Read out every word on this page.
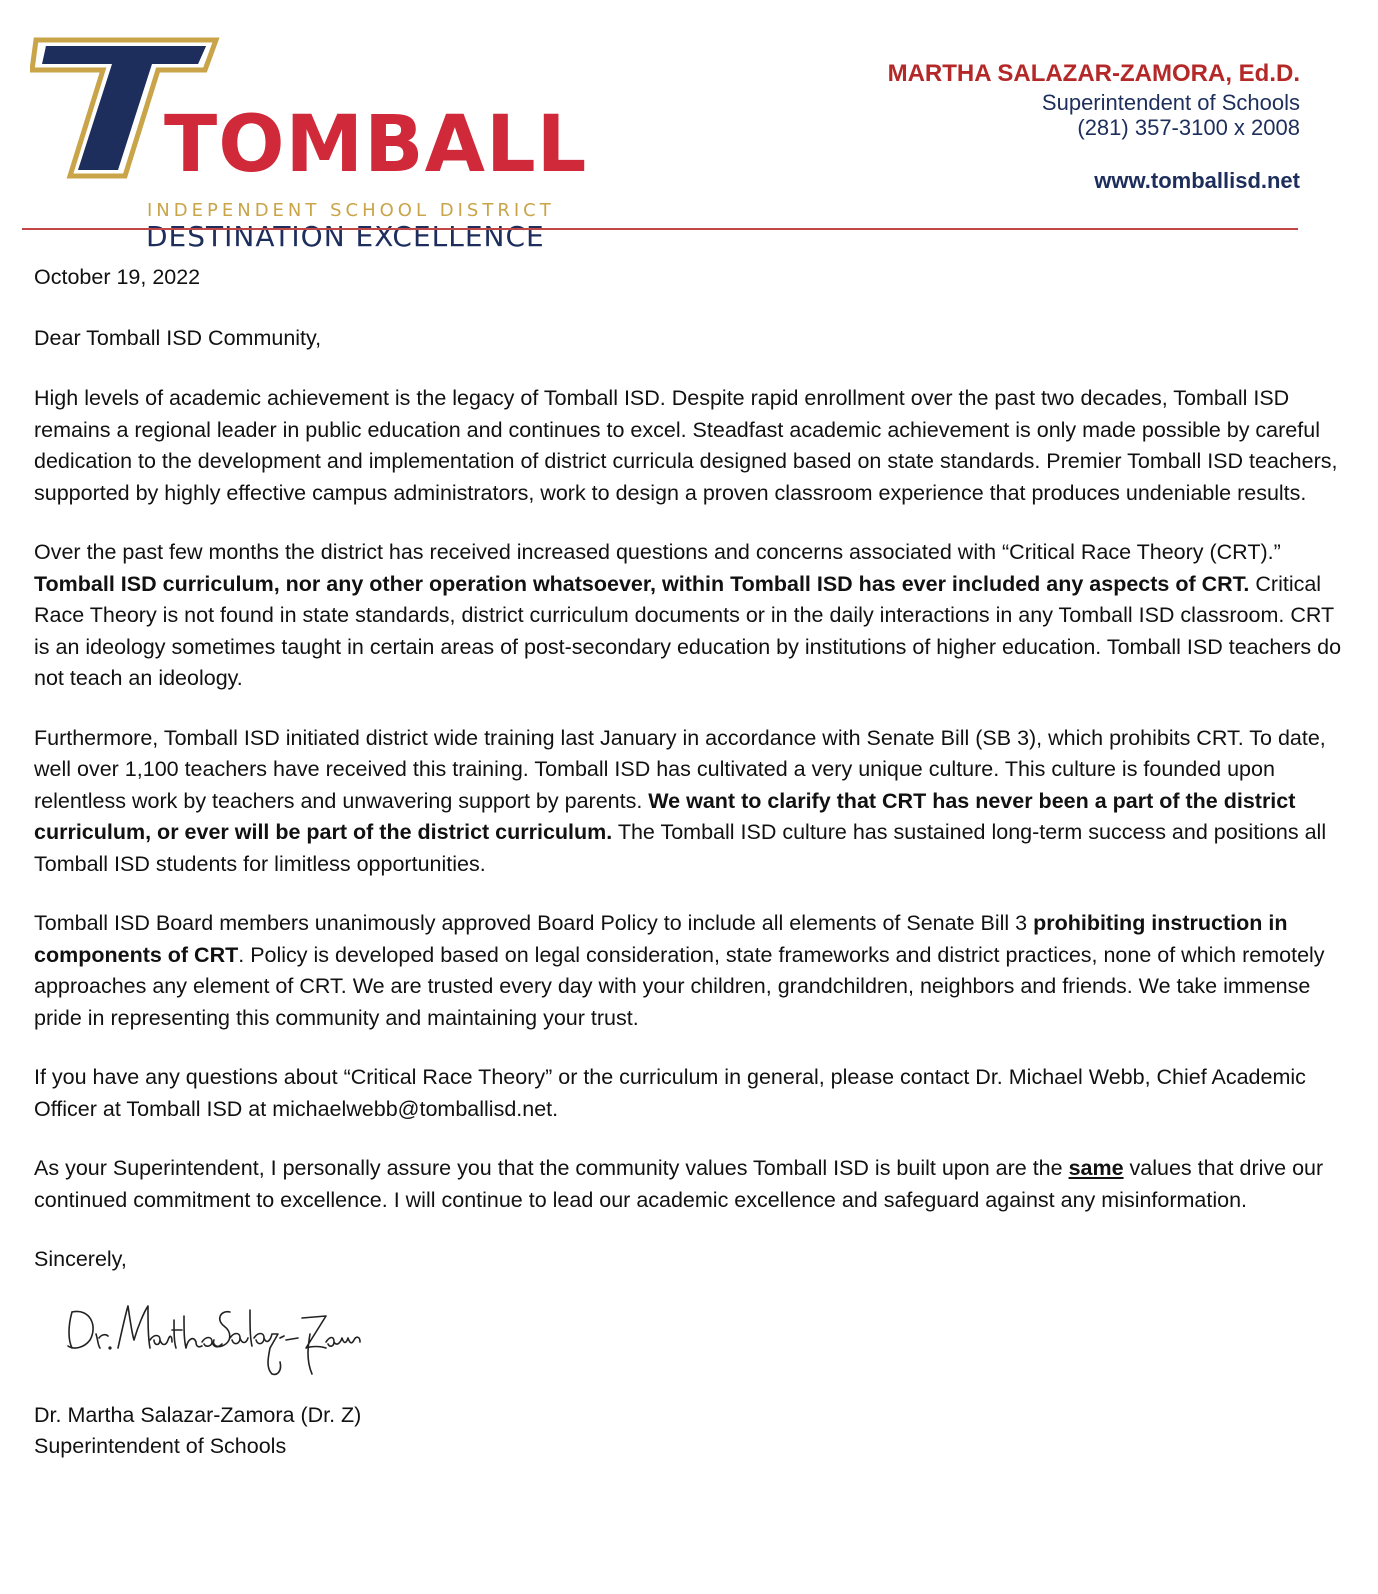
TOMBALL
INDEPENDENT SCHOOL DISTRICT
DESTINATION EXCELLENCE
MARTHA SALAZAR-ZAMORA, Ed.D.
Superintendent of Schools
(281) 357-3100 x 2008
www.tomballisd.net

October 19, 2022

Dear Tomball ISD Community,

High levels of academic achievement is the legacy of Tomball ISD. Despite rapid enrollment over the past two decades, Tomball ISD remains a regional leader in public education and continues to excel. Steadfast academic achievement is only made possible by careful dedication to the development and implementation of district curricula designed based on state standards. Premier Tomball ISD teachers, supported by highly effective campus administrators, work to design a proven classroom experience that produces undeniable results.

Over the past few months the district has received increased questions and concerns associated with “Critical Race Theory (CRT).” Tomball ISD curriculum, nor any other operation whatsoever, within Tomball ISD has ever included any aspects of CRT. Critical Race Theory is not found in state standards, district curriculum documents or in the daily interactions in any Tomball ISD classroom. CRT is an ideology sometimes taught in certain areas of post-secondary education by institutions of higher education. Tomball ISD teachers do not teach an ideology.

Furthermore, Tomball ISD initiated district wide training last January in accordance with Senate Bill (SB 3), which prohibits CRT. To date, well over 1,100 teachers have received this training. Tomball ISD has cultivated a very unique culture. This culture is founded upon relentless work by teachers and unwavering support by parents. We want to clarify that CRT has never been a part of the district curriculum, or ever will be part of the district curriculum. The Tomball ISD culture has sustained long-term success and positions all Tomball ISD students for limitless opportunities.

Tomball ISD Board members unanimously approved Board Policy to include all elements of Senate Bill 3 prohibiting instruction in components of CRT. Policy is developed based on legal consideration, state frameworks and district practices, none of which remotely approaches any element of CRT. We are trusted every day with your children, grandchildren, neighbors and friends. We take immense pride in representing this community and maintaining your trust.

If you have any questions about “Critical Race Theory” or the curriculum in general, please contact Dr. Michael Webb, Chief Academic Officer at Tomball ISD at michaelwebb@tomballisd.net.

As your Superintendent, I personally assure you that the community values Tomball ISD is built upon are the same values that drive our continued commitment to excellence. I will continue to lead our academic excellence and safeguard against any misinformation.

Sincerely,

Dr. Martha Salazar-Zamora (Dr. Z)
Superintendent of Schools
